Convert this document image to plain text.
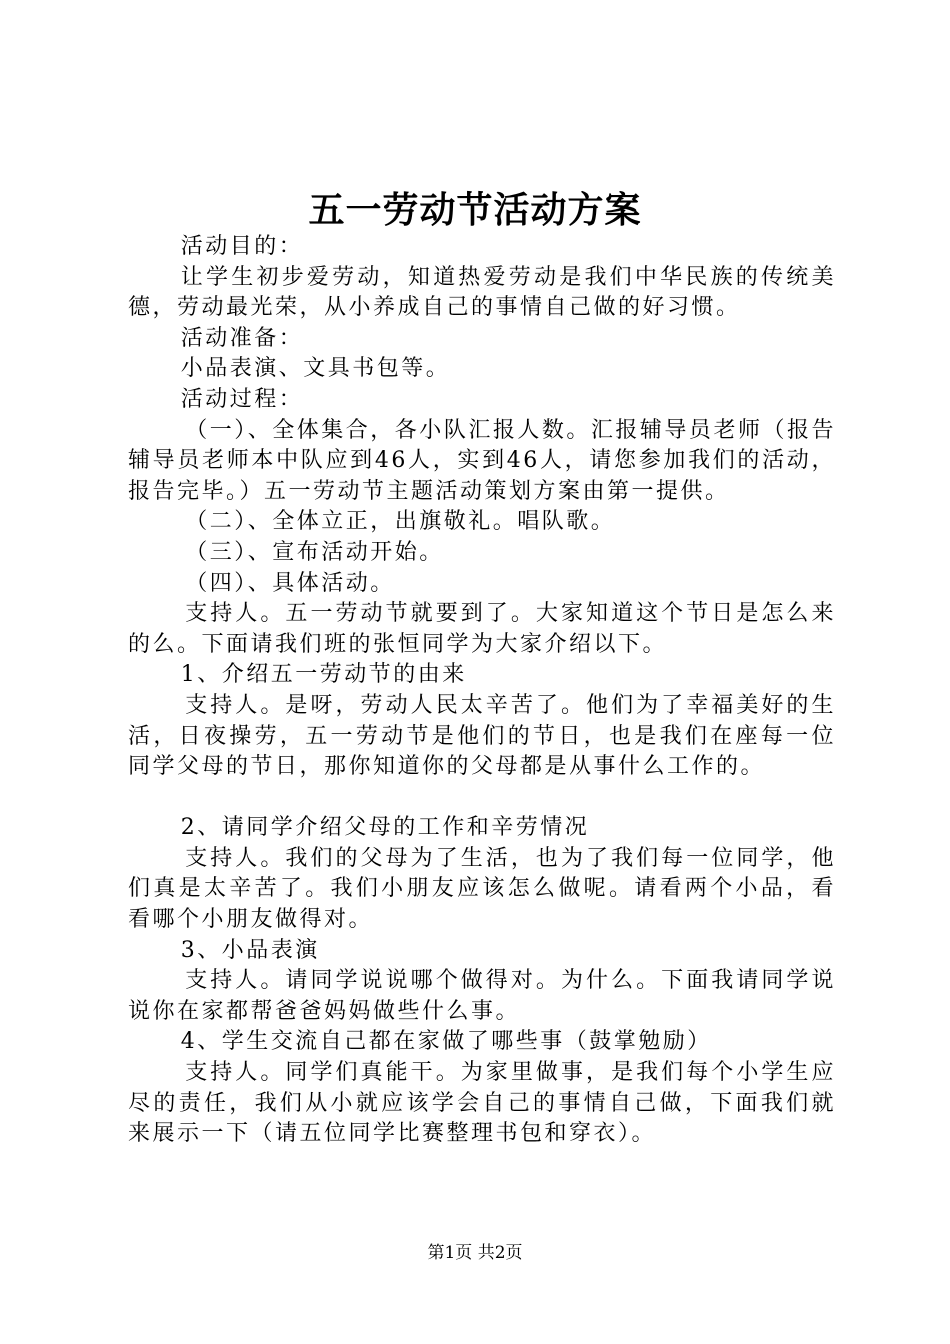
五一劳动节活动方案

活动目的：

让学生初步爱劳动，知道热爱劳动是我们中华民族的传统美德，劳动最光荣，从小养成自己的事情自己做的好习惯。

活动准备：

小品表演、文具书包等。

活动过程：

（一）、全体集合，各小队汇报人数。汇报辅导员老师（报告辅导员老师本中队应到46人，实到46人，请您参加我们的活动，报告完毕。）五一劳动节主题活动策划方案由第一提供。

（二）、全体立正，出旗敬礼。唱队歌。

（三）、宣布活动开始。

（四）、具体活动。

支持人。五一劳动节就要到了。大家知道这个节日是怎么来的么。下面请我们班的张恒同学为大家介绍以下。

1、介绍五一劳动节的由来

支持人。是呀，劳动人民太辛苦了。他们为了幸福美好的生活，日夜操劳，五一劳动节是他们的节日，也是我们在座每一位同学父母的节日，那你知道你的父母都是从事什么工作的。

2、请同学介绍父母的工作和辛劳情况

支持人。我们的父母为了生活，也为了我们每一位同学，他们真是太辛苦了。我们小朋友应该怎么做呢。请看两个小品，看看哪个小朋友做得对。

3、小品表演

支持人。请同学说说哪个做得对。为什么。下面我请同学说说你在家都帮爸爸妈妈做些什么事。

4、学生交流自己都在家做了哪些事（鼓掌勉励）

支持人。同学们真能干。为家里做事，是我们每个小学生应尽的责任，我们从小就应该学会自己的事情自己做，下面我们就来展示一下（请五位同学比赛整理书包和穿衣）。

第1页 共2页
